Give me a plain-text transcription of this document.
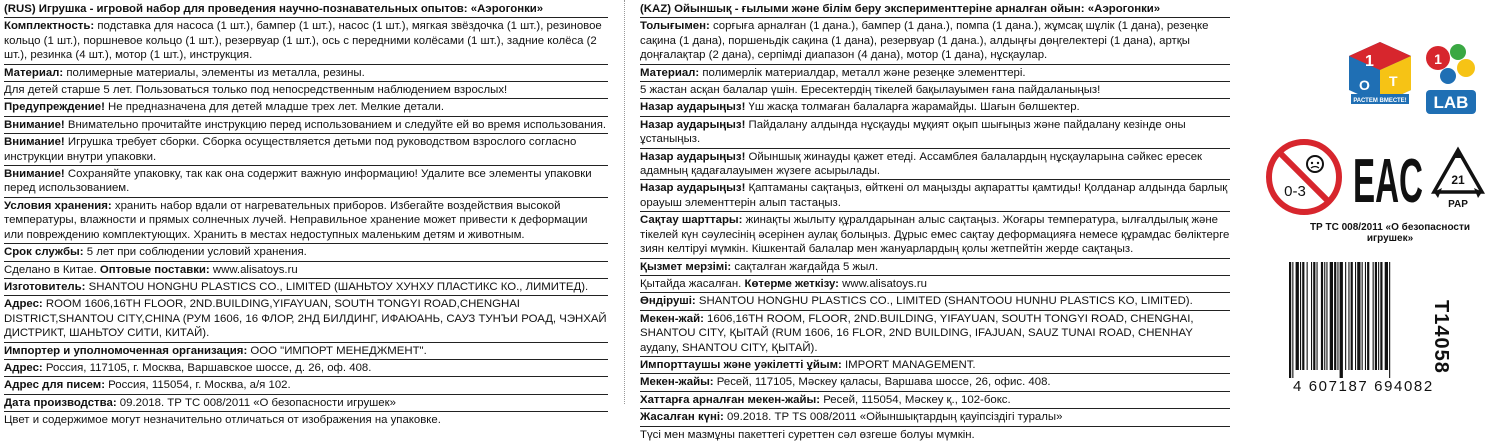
(RUS) Игрушка - игровой набор для проведения научно-познавательных опытов: «Аэрогонки»
Комплектность: подставка для насоса (1 шт.), бампер (1 шт.), насос (1 шт.), мягкая звёздочка (1 шт.), резиновое кольцо (1 шт.), поршневое кольцо (1 шт.), резервуар (1 шт.), ось с передними колёсами (1 шт.), задние колёса (2 шт.), резинка (4 шт.), мотор (1 шт.), инструкция.
Материал: полимерные материалы, элементы из металла, резины.
Для детей старше 5 лет. Пользоваться только под непосредственным наблюдением взрослых!
Предупреждение! Не предназначена для детей младше трех лет. Мелкие детали.
Внимание! Внимательно прочитайте инструкцию перед использованием и следуйте ей во время использования.
Внимание! Игрушка требует сборки. Сборка осуществляется детьми под руководством взрослого согласно инструкции внутри упаковки.
Внимание! Сохраняйте упаковку, так как она содержит важную информацию! Удалите все элементы упаковки перед использованием.
Условия хранения: хранить набор вдали от нагревательных приборов. Избегайте воздействия высокой температуры, влажности и прямых солнечных лучей. Неправильное хранение может привести к деформации или повреждению комплектующих. Хранить в местах недоступных маленьким детям и животным.
Срок службы: 5 лет при соблюдении условий хранения.
Сделано в Китае. Оптовые поставки: www.alisatoys.ru
Изготовитель: SHANTOU HONGHU PLASTICS CO., LIMITED (ШАНЬТОУ ХУНХУ ПЛАСТИКС КО., ЛИМИТЕД).
Адрес: ROOM 1606,16TH FLOOR, 2ND.BUILDING,YIFAYUAN, SOUTH TONGYI ROAD,CHENGHAI DISTRICT,SHANTOU CITY,CHINA (РУМ 1606, 16 ФЛОР, 2НД БИЛДИНГ, ИФАЮАНЬ, САУЗ ТУНЪИ РОАД, ЧЭНХАЙ ДИСТРИКТ, ШАНЬТОУ СИТИ, КИТАЙ).
Импортер и уполномоченная организация: ООО "ИМПОРТ МЕНЕДЖМЕНТ".
Адрес: Россия, 117105, г. Москва, Варшавское шоссе, д. 26, оф. 408.
Адрес для писем: Россия, 115054, г. Москва, а/я 102.
Дата производства: 09.2018. ТР ТС 008/2011 «О безопасности игрушек»
Цвет и содержимое могут незначительно отличаться от изображения на упаковке.
(KAZ) Ойыншық - ғылыми және білім беру эксперименттеріне арналған ойын: «Аэрогонки»
Толығымен: сорғыға арналған (1 дана.), бампер (1 дана.), помпа (1 дана.), жұмсақ шұлік (1 дана), резеңке сақина (1 дана), поршеньдік сақина (1 дана), резервуар (1 дана.), алдыңғы дөңгелектері (1 дана), артқы доңғалақтар (2 дана), серпімді диапазон (4 дана), мотор (1 дана), нұсқаулар.
Материал: полимерлік материалдар, металл және резеңке элементтері.
5 жастан асқан балалар үшін. Ересектердің тікелей бақылауымен ғана пайдаланыңыз!
Назар аударыңыз! Үш жасқа толмаған балаларға жарамайды. Шағын бөлшектер.
Назар аударыңыз! Пайдалану алдында нұсқауды мұқият оқып шығыңыз және пайдалану кезінде оны ұстаныңыз.
Назар аударыңыз! Ойыншық жинауды қажет етеді. Ассамблея балалардың нұсқауларына сәйкес ересек адамның қадағалауымен жүзеге асырылады.
Назар аударыңыз! Қаптаманы сақтаңыз, өйткені ол маңызды ақпаратты қамтиды! Қолданар алдында барлық орауыш элементтерін алып тастаңыз.
Сақтау шарттары: жинақты жылыту құралдарынан алыс сақтаңыз. Жоғары температура, ылғалдылық және тікелей күн сәулесінің әсерінен аулақ болыңыз. Дұрыс емес сақтау деформацияға немесе құрамдас бөліктерге зиян келтіруі мүмкін. Кішкентай балалар мен жануарлардың қолы жетпейтін жерде сақтаңыз.
Қызмет мерзімі: сақталған жағдайда 5 жыл.
Қытайда жасалған. Көтерме жеткізу: www.alisatoys.ru
Өндіруші: SHANTOU HONGHU PLASTICS CO., LIMITED (SHANTOOU HUNHU PLASTICS KO, LIMITED).
Мекен-жай: 1606,16TH ROOM, FLOOR, 2ND.BUILDING, YIFAYUAN, SOUTH TONGYI ROAD, CHENGHAI, SHANTOU CITY, ҚЫТАЙ (RUM 1606, 16 FLOR, 2ND BUILDING, IFAJUAN, SAUZ TUNAI ROAD, CHENHAY аудany, SHANTOU CITY, ҚЫТАЙ).
Импорттаушы және уәкілетті ұйым: IMPORT MANAGEMENT.
Мекен-жайы: Ресей, 117105, Мәскеу қаласы, Варшава шоссе, 26, офис. 408.
Хаттарға арналған мекен-жайы: Ресей, 115054, Мәскеу қ., 102-бокс.
Жасалған күні: 09.2018. ТР TS 008/2011 «Ойыншықтардың қауіпсіздігі туралы»
Түсі мен мазмұны пакеттегі суреттен сәл өзгеше болуы мүмкін.
1
T
O
РАСТЕМ ВМЕСТЕ!
1
LAB
0-3 EAC 21
PAP
ТР ТС 008/2011 «О безопасности игрушек»
4 607187 694082
T14058
